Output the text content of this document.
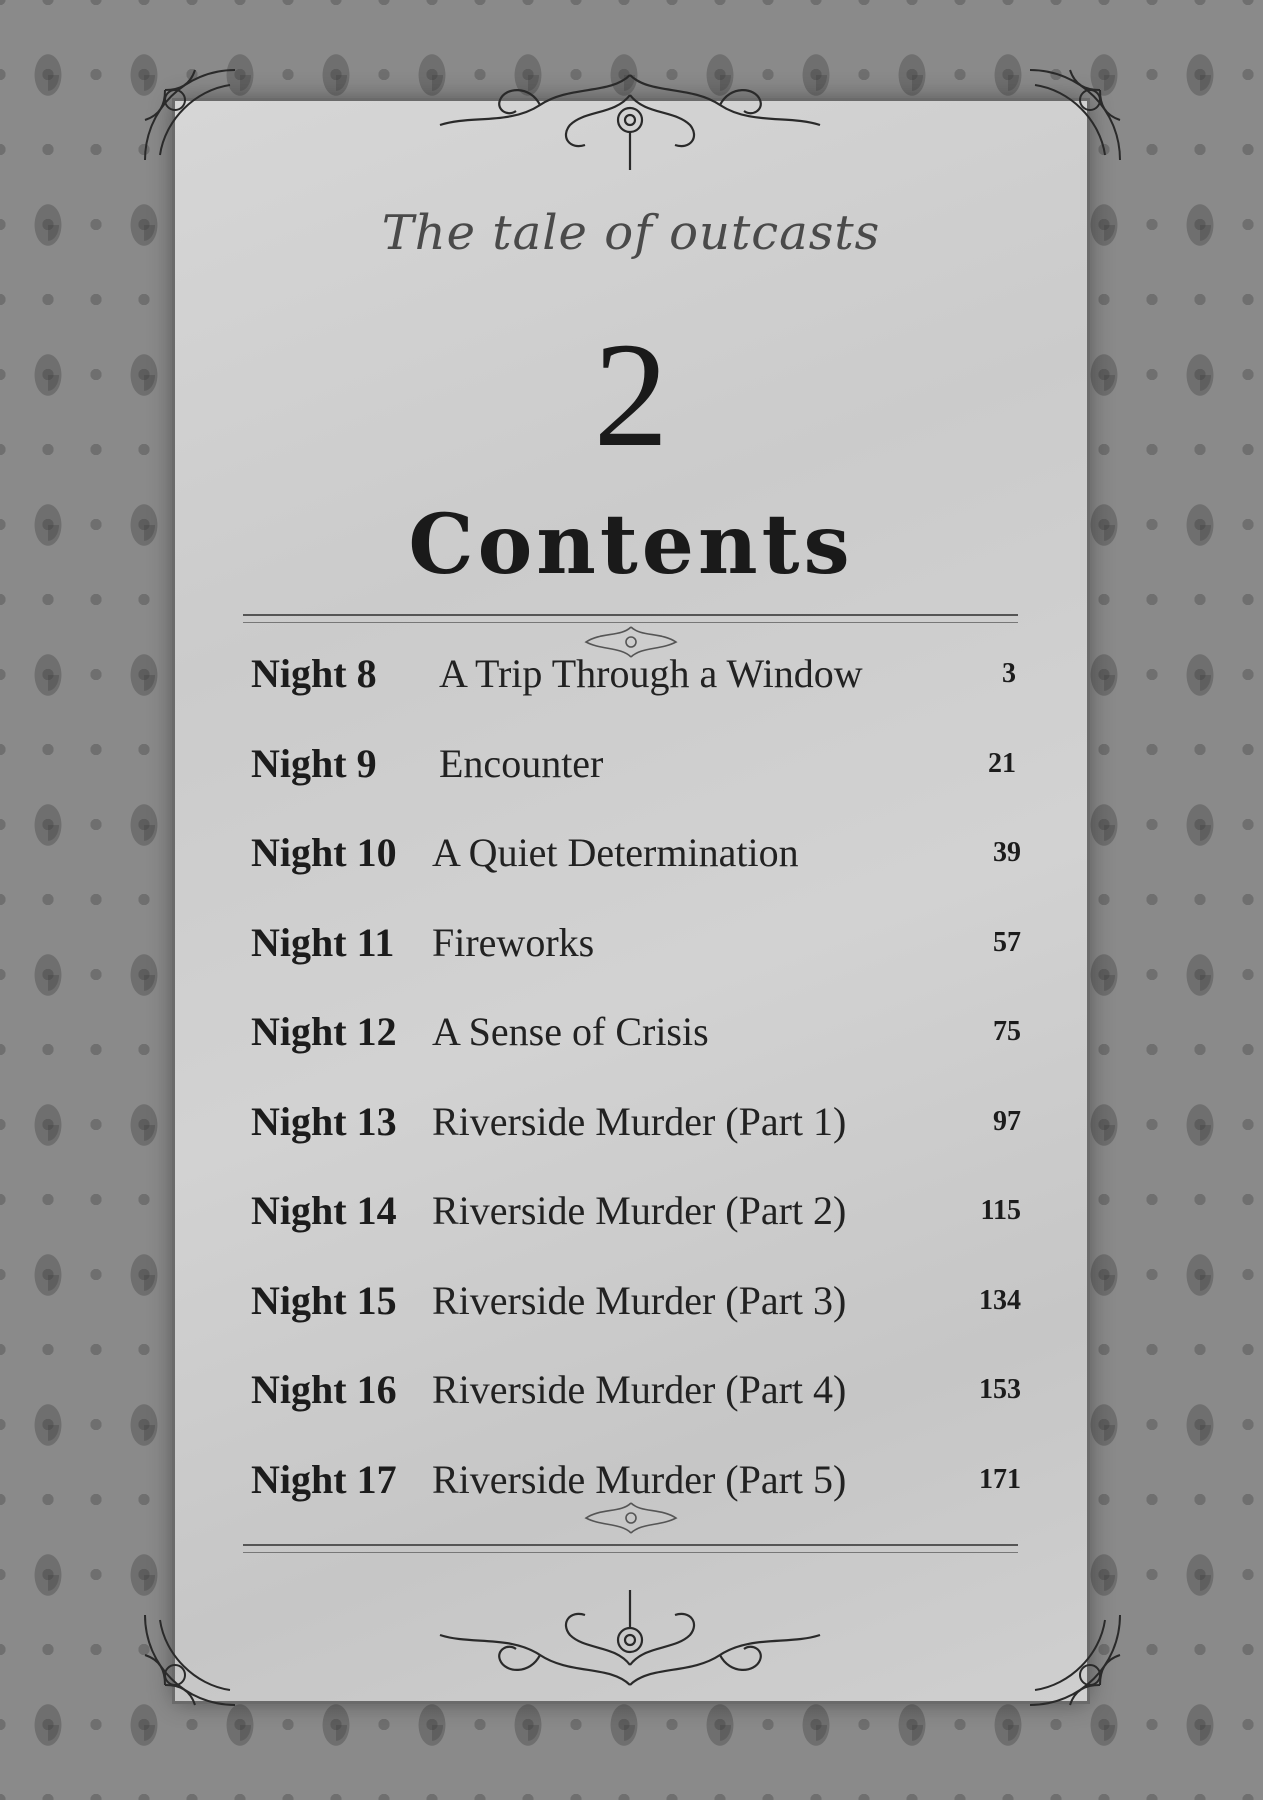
The tale of outcasts
2
Contents
Night 8 A Trip Through a Window	3
Night 9 Encounter	21
Night 10 A Quiet Determination	39
Night 11 Fireworks	57
Night 12 A Sense of Crisis	75
Night 13 Riverside Murder (Part 1)	97
Night 14 Riverside Murder (Part 2)	115
Night 15 Riverside Murder (Part 3)	134
Night 16 Riverside Murder (Part 4)	153
Night 17 Riverside Murder (Part 5)	171
